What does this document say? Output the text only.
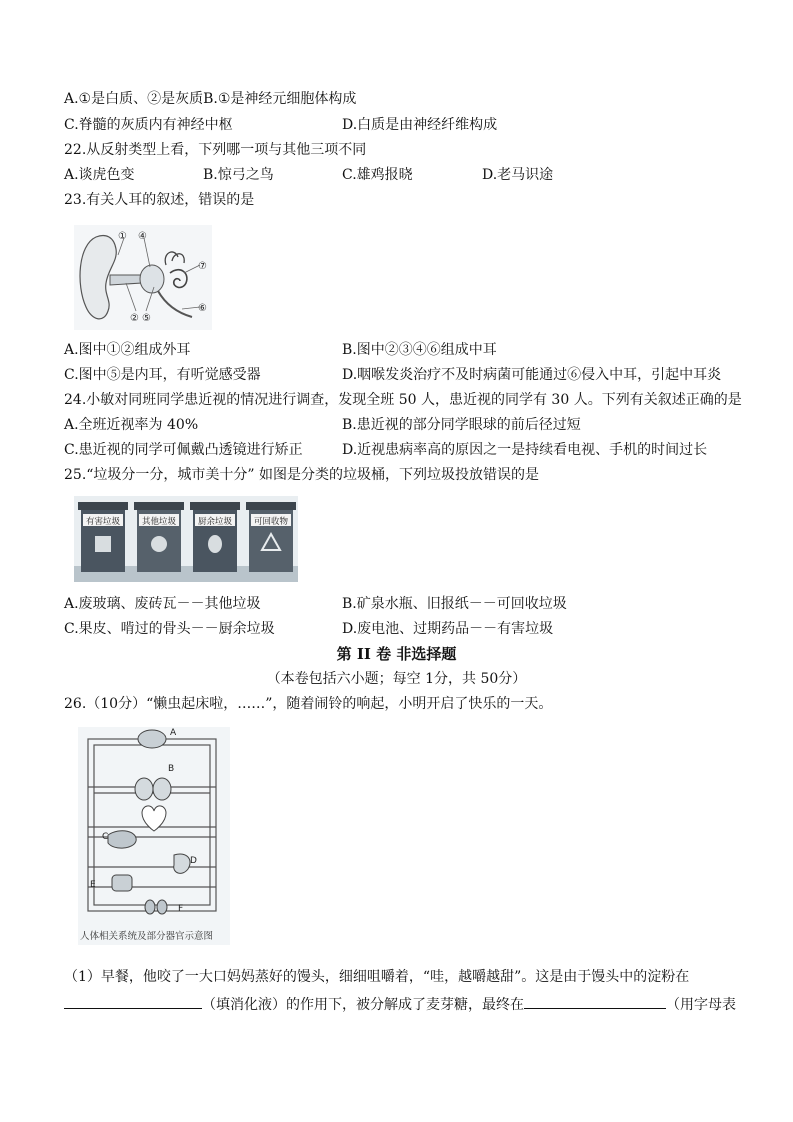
A.①是白质、②是灰质B.①是神经元细胞体构成
C.脊髓的灰质内有神经中枢	D.白质是由神经纤维构成
22.从反射类型上看，下列哪一项与其他三项不同
A.谈虎色变	B.惊弓之鸟	C.雄鸡报晓	D.老马识途
23.有关人耳的叙述，错误的是
① ④
⑦
⑥
② ⑤
A.图中①②组成外耳	B.图中②③④⑥组成中耳
C.图中⑤是内耳，有听觉感受器	D.咽喉发炎治疗不及时病菌可能通过⑥侵入中耳，引起中耳炎
24.小敏对同班同学患近视的情况进行调查，发现全班 50 人，患近视的同学有 30 人。下列有关叙述正确的是
A.全班近视率为 40%	B.患近视的部分同学眼球的前后径过短
C.患近视的同学可佩戴凸透镜进行矫正	D.近视患病率高的原因之一是持续看电视、手机的时间过长
25.“垃圾分一分，城市美十分” 如图是分类的垃圾桶，下列垃圾投放错误的是
有害垃圾	其他垃圾	厨余垃圾	可回收物
A.废玻璃、废砖瓦－－其他垃圾	B.矿泉水瓶、旧报纸－－可回收垃圾
C.果皮、啃过的骨头－－厨余垃圾	D.废电池、过期药品－－有害垃圾
第 II 卷 非选择题
（本卷包括六小题；每空 1分，共 50分）
26.（10分）“懒虫起床啦，……”，随着闹铃的响起，小明开启了快乐的一天。
A
B
C
D
E
F
人体相关系统及部分器官示意图
（1）早餐，他咬了一大口妈妈蒸好的馒头，细细咀嚼着，“哇，越嚼越甜”。这是由于馒头中的淀粉在
（填消化液）的作用下，被分解成了麦芽糖，最终在	（用字母表
